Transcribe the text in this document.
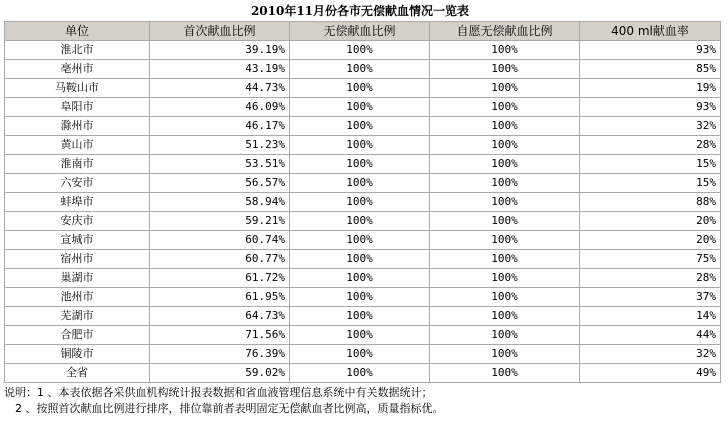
2010年11月份各市无偿献血情况一览表
单位	首次献血比例	无偿献血比例	自愿无偿献血比例	400 ml献血率
淮北市	39.19%	100%	100%	93%
亳州市	43.19%	100%	100%	85%
马鞍山市	44.73%	100%	100%	19%
阜阳市	46.09%	100%	100%	93%
滁州市	46.17%	100%	100%	32%
黄山市	51.23%	100%	100%	28%
淮南市	53.51%	100%	100%	15%
六安市	56.57%	100%	100%	15%
蚌埠市	58.94%	100%	100%	88%
安庆市	59.21%	100%	100%	20%
宣城市	60.74%	100%	100%	20%
宿州市	60.77%	100%	100%	75%
巢湖市	61.72%	100%	100%	28%
池州市	61.95%	100%	100%	37%
芜湖市	64.73%	100%	100%	14%
合肥市	71.56%	100%	100%	44%
铜陵市	76.39%	100%	100%	32%
全省	59.02%	100%	100%	49%
说明：1 、本表依据各采供血机构统计报表数据和省血液管理信息系统中有关数据统计；
　2 、按照首次献血比例进行排序，排位靠前者表明固定无偿献血者比例高，质量指标优。
